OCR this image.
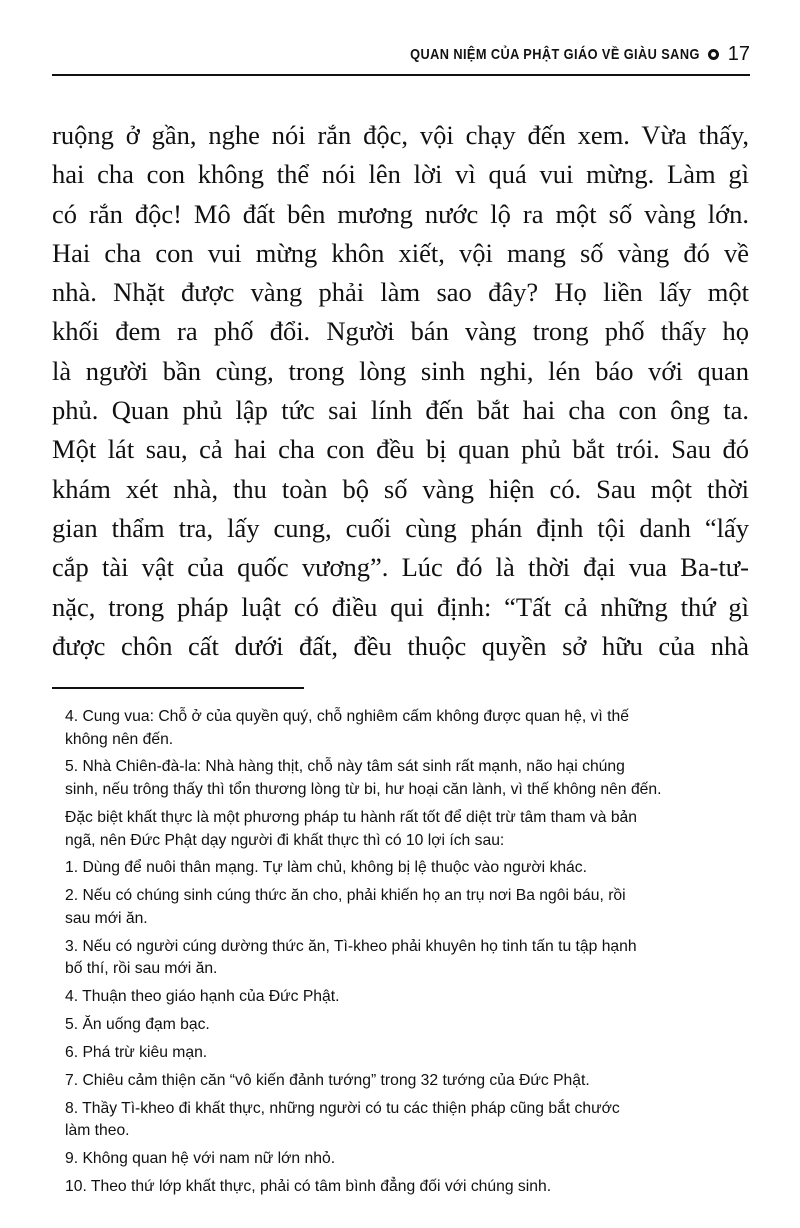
QUAN NIỆM CỦA PHẬT GIÁO VỀ GIÀU SANG 17
ruộng ở gần, nghe nói rắn độc, vội chạy đến xem. Vừa thấy,
hai cha con không thể nói lên lời vì quá vui mừng. Làm gì
có rắn độc! Mô đất bên mương nước lộ ra một số vàng lớn.
Hai cha con vui mừng khôn xiết, vội mang số vàng đó về
nhà. Nhặt được vàng phải làm sao đây? Họ liền lấy một
khối đem ra phố đổi. Người bán vàng trong phố thấy họ
là người bần cùng, trong lòng sinh nghi, lén báo với quan
phủ. Quan phủ lập tức sai lính đến bắt hai cha con ông ta.
Một lát sau, cả hai cha con đều bị quan phủ bắt trói. Sau đó
khám xét nhà, thu toàn bộ số vàng hiện có. Sau một thời
gian thẩm tra, lấy cung, cuối cùng phán định tội danh “lấy
cắp tài vật của quốc vương”. Lúc đó là thời đại vua Ba-tư-
nặc, trong pháp luật có điều qui định: “Tất cả những thứ gì
được chôn cất dưới đất, đều thuộc quyền sở hữu của nhà
4. Cung vua: Chỗ ở của quyền quý, chỗ nghiêm cấm không được quan hệ, vì thế
không nên đến.
5. Nhà Chiên-đà-la: Nhà hàng thịt, chỗ này tâm sát sinh rất mạnh, não hại chúng
sinh, nếu trông thấy thì tổn thương lòng từ bi, hư hoại căn lành, vì thế không nên đến.
Đặc biệt khất thực là một phương pháp tu hành rất tốt để diệt trừ tâm tham và bản
ngã, nên Đức Phật dạy người đi khất thực thì có 10 lợi ích sau:
1. Dùng để nuôi thân mạng. Tự làm chủ, không bị lệ thuộc vào người khác.
2. Nếu có chúng sinh cúng thức ăn cho, phải khiến họ an trụ nơi Ba ngôi báu, rồi
sau mới ăn.
3. Nếu có người cúng dường thức ăn, Tì-kheo phải khuyên họ tinh tấn tu tập hạnh
bố thí, rồi sau mới ăn.
4. Thuận theo giáo hạnh của Đức Phật.
5. Ăn uống đạm bạc.
6. Phá trừ kiêu mạn.
7. Chiêu cảm thiện căn “vô kiến đảnh tướng” trong 32 tướng của Đức Phật.
8. Thầy Tì-kheo đi khất thực, những người có tu các thiện pháp cũng bắt chước
làm theo.
9. Không quan hệ với nam nữ lớn nhỏ.
10. Theo thứ lớp khất thực, phải có tâm bình đẳng đối với chúng sinh.
